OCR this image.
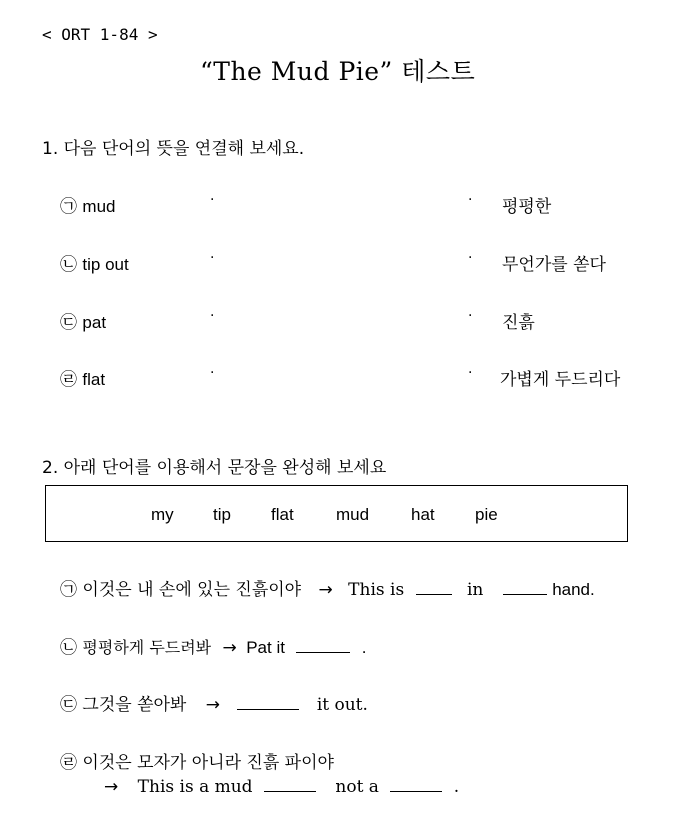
< ORT 1-84 >
“The Mud Pie” 테스트
1. 다음 단어의 뜻을 연결해 보세요.
㉠ mud	·	· 평평한
㉡ tip out	·	· 무언가를 쏟다
㉢ pat	·	· 진흙
㉣ flat	·	· 가볍게 두드리다
2. 아래 단어를 이용해서 문장을 완성해 보세요
my tip flat mud hat pie
㉠ 이것은 내 손에 있는 진흙이야 → This is	in	hand.
㉡ 평평하게 두드려봐 → Pat it	.
㉢ 그것을 쏟아봐 →	it out.
㉣ 이것은 모자가 아니라 진흙 파이야
→ This is a mud	not a	.
